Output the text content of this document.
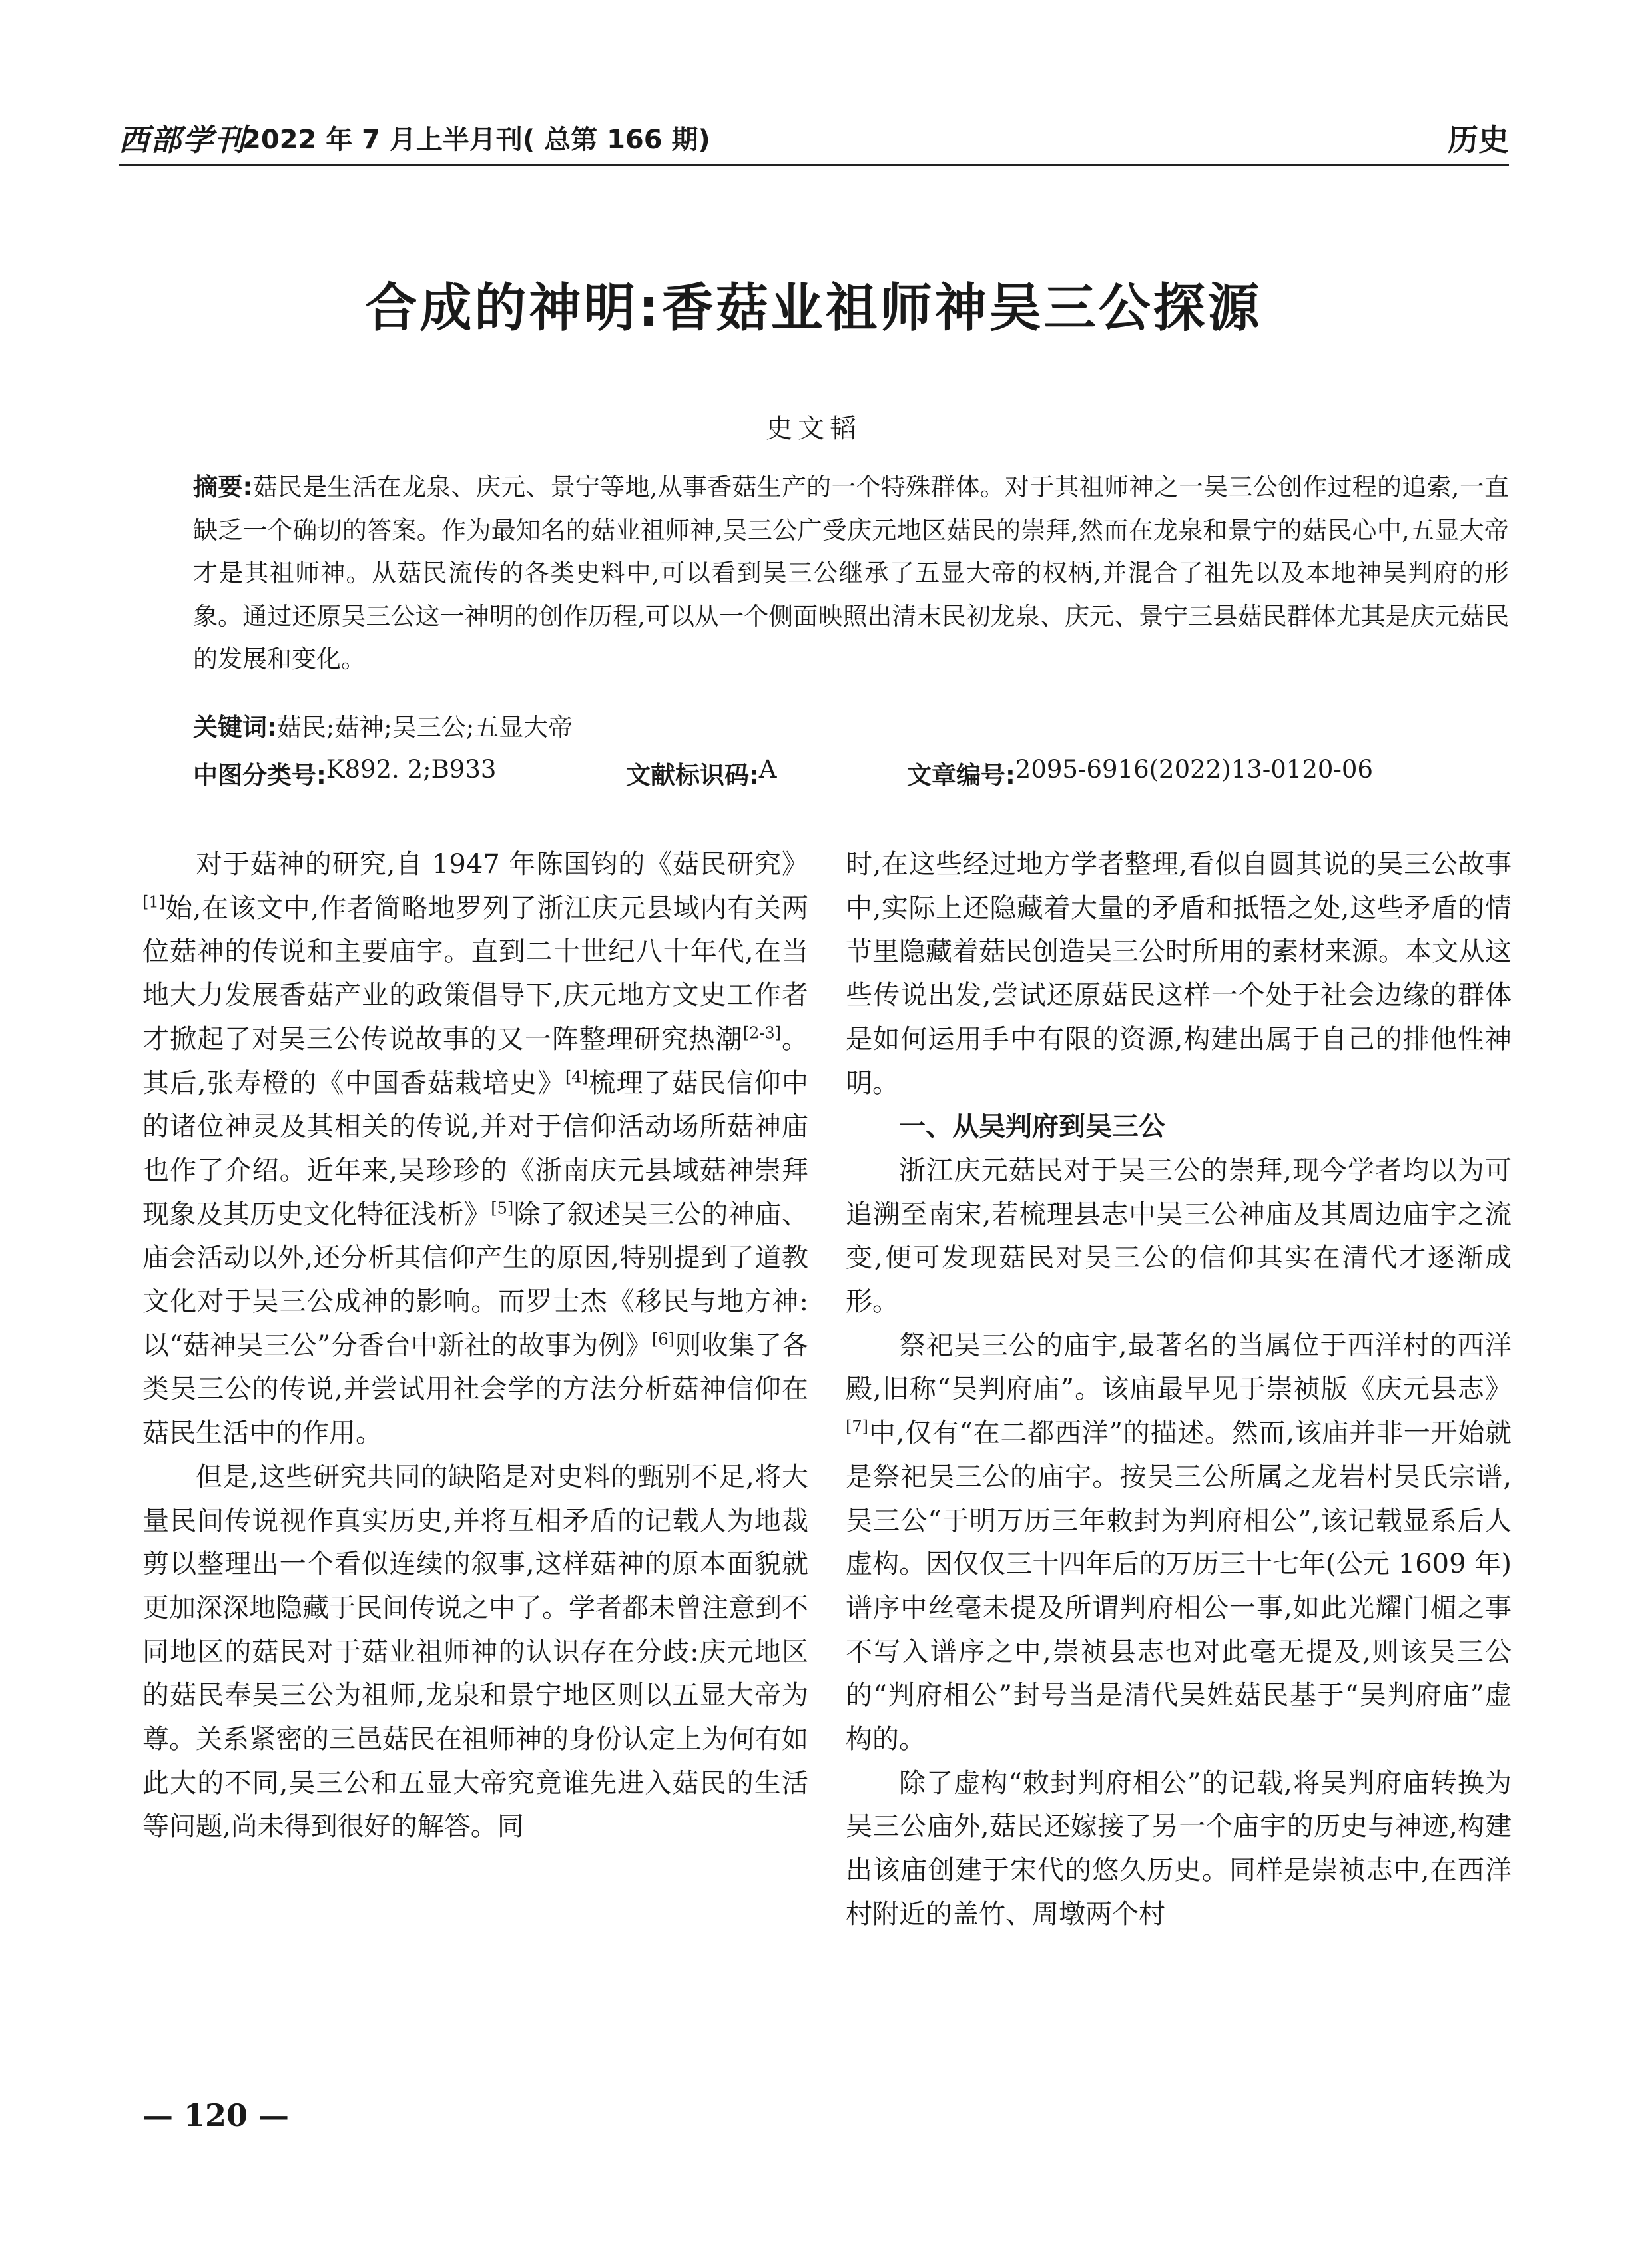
西部学刊
2022 年 7 月上半月刊( 总第 166 期)	历史
合成的神明:香菇业祖师神吴三公探源
史文韬
摘要:菇民是生活在龙泉、庆元、景宁等地,从事香菇生产的一个特殊群体。对于其祖师神之一吴三公创作过程的追索,一直缺乏一个确切的答案。作为最知名的菇业祖师神,吴三公广受庆元地区菇民的崇拜,然而在龙泉和景宁的菇民心中,五显大帝才是其祖师神。从菇民流传的各类史料中,可以看到吴三公继承了五显大帝的权柄,并混合了祖先以及本地神吴判府的形象。通过还原吴三公这一神明的创作历程,可以从一个侧面映照出清末民初龙泉、庆元、景宁三县菇民群体尤其是庆元菇民的发展和变化。
关键词:菇民;菇神;吴三公;五显大帝
中图分类号: K892. 2;B933	文献标识码: A	文章编号: 2095-6916(2022)13-0120-06

对于菇神的研究,自 1947 年陈国钧的《菇民研究》[1]始,在该文中,作者简略地罗列了浙江庆元县域内有关两位菇神的传说和主要庙宇。直到二十世纪八十年代,在当地大力发展香菇产业的政策倡导下,庆元地方文史工作者才掀起了对吴三公传说故事的又一阵整理研究热潮[2-3]。其后,张寿橙的《中国香菇栽培史》[4]梳理了菇民信仰中的诸位神灵及其相关的传说,并对于信仰活动场所菇神庙也作了介绍。近年来,吴珍珍的《浙南庆元县域菇神崇拜现象及其历史文化特征浅析》[5]除了叙述吴三公的神庙、庙会活动以外,还分析其信仰产生的原因,特别提到了道教文化对于吴三公成神的影响。而罗士杰《移民与地方神:以“菇神吴三公”分香台中新社的故事为例》[6]则收集了各类吴三公的传说,并尝试用社会学的方法分析菇神信仰在菇民生活中的作用。

但是,这些研究共同的缺陷是对史料的甄别不足,将大量民间传说视作真实历史,并将互相矛盾的记载人为地裁剪以整理出一个看似连续的叙事,这样菇神的原本面貌就更加深深地隐藏于民间传说之中了。学者都未曾注意到不同地区的菇民对于菇业祖师神的认识存在分歧:庆元地区的菇民奉吴三公为祖师,龙泉和景宁地区则以五显大帝为尊。关系紧密的三邑菇民在祖师神的身份认定上为何有如此大的不同,吴三公和五显大帝究竟谁先进入菇民的生活等问题,尚未得到很好的解答。同

时,在这些经过地方学者整理,看似自圆其说的吴三公故事中,实际上还隐藏着大量的矛盾和抵牾之处,这些矛盾的情节里隐藏着菇民创造吴三公时所用的素材来源。本文从这些传说出发,尝试还原菇民这样一个处于社会边缘的群体是如何运用手中有限的资源,构建出属于自己的排他性神明。

一、从吴判府到吴三公

浙江庆元菇民对于吴三公的崇拜,现今学者均以为可追溯至南宋,若梳理县志中吴三公神庙及其周边庙宇之流变,便可发现菇民对吴三公的信仰其实在清代才逐渐成形。

祭祀吴三公的庙宇,最著名的当属位于西洋村的西洋殿,旧称“吴判府庙”。该庙最早见于崇祯版《庆元县志》[7]中,仅有“在二都西洋”的描述。然而,该庙并非一开始就是祭祀吴三公的庙宇。按吴三公所属之龙岩村吴氏宗谱,吴三公“于明万历三年敕封为判府相公”,该记载显系后人虚构。因仅仅三十四年后的万历三十七年(公元 1609 年)谱序中丝毫未提及所谓判府相公一事,如此光耀门楣之事不写入谱序之中,崇祯县志也对此毫无提及,则该吴三公的“判府相公”封号当是清代吴姓菇民基于“吴判府庙”虚构的。

除了虚构“敕封判府相公”的记载,将吴判府庙转换为吴三公庙外,菇民还嫁接了另一个庙宇的历史与神迹,构建出该庙创建于宋代的悠久历史。同样是崇祯志中,在西洋村附近的盖竹、周墩两个村

— 120 —
